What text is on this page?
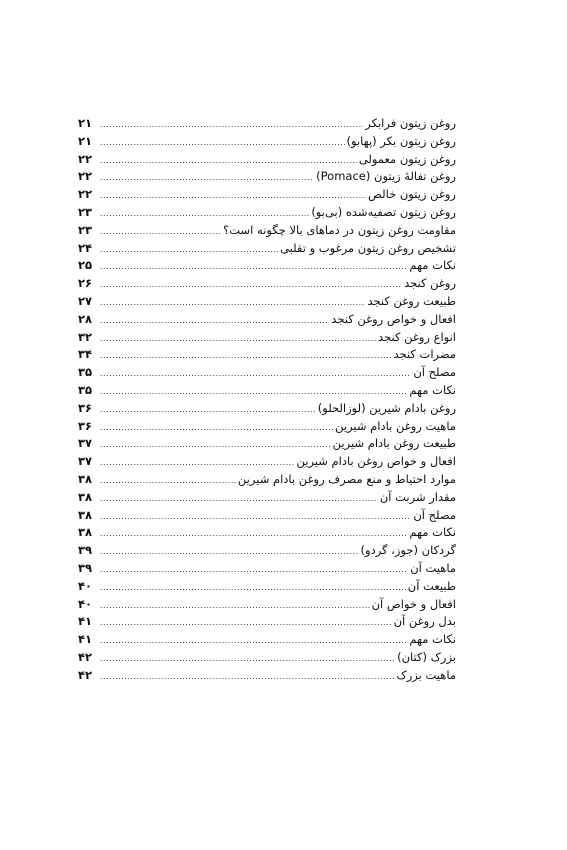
روغن زیتون فرابکر
.....
۲۱
روغن زیتون بکر (پهابو)
.....
۲۱
روغن زیتون معمولی
.....
۲۲
روغن تفالهٔ زیتون (Pomace)
.....
۲۲
روغن زیتون خالص
.....
۲۲
روغن زیتون تصفیه‌شده (بی‌بو)
.....
۲۳
مقاومت روغن زیتون در دماهای بالا چگونه است؟
.....
۲۳
تشخیص روغن زیتون مرغوب و تقلبی
.....
۲۴
نکات مهم
.....
۲۵
روغن کنجد
.....
۲۶
طبیعت روغن کنجد
.....
۲۷
افعال و خواص روغن کنجد
.....
۲۸
انواع روغن کنجد
.....
۳۲
مضرات کنجد
.....
۳۴
مصلح آن
.....
۳۵
نکات مهم
.....
۳۵
روغن بادام شیرین (لوزالحلو)
.....
۳۶
ماهیت روغن بادام شیرین
.....
۳۶
طبیعت روغن بادام شیرین
.....
۳۷
افعال و خواص روغن بادام شیرین
.....
۳۷
موارد احتیاط و منع مصرف روغن بادام شیرین
.....
۳۸
مقدار شربت آن
.....
۳۸
مصلح آن
.....
۳۸
نکات مهم
.....
۳۸
گردکان (جوز، گردو)
.....
۳۹
ماهیت آن
.....
۳۹
طبیعت آن
.....
۴۰
افعال و خواص آن
.....
۴۰
بدل روغن آن
.....
۴۱
نکات مهم
.....
۴۱
بزرک (کتان)
.....
۴۲
ماهیت بزرک
.....
۴۲
